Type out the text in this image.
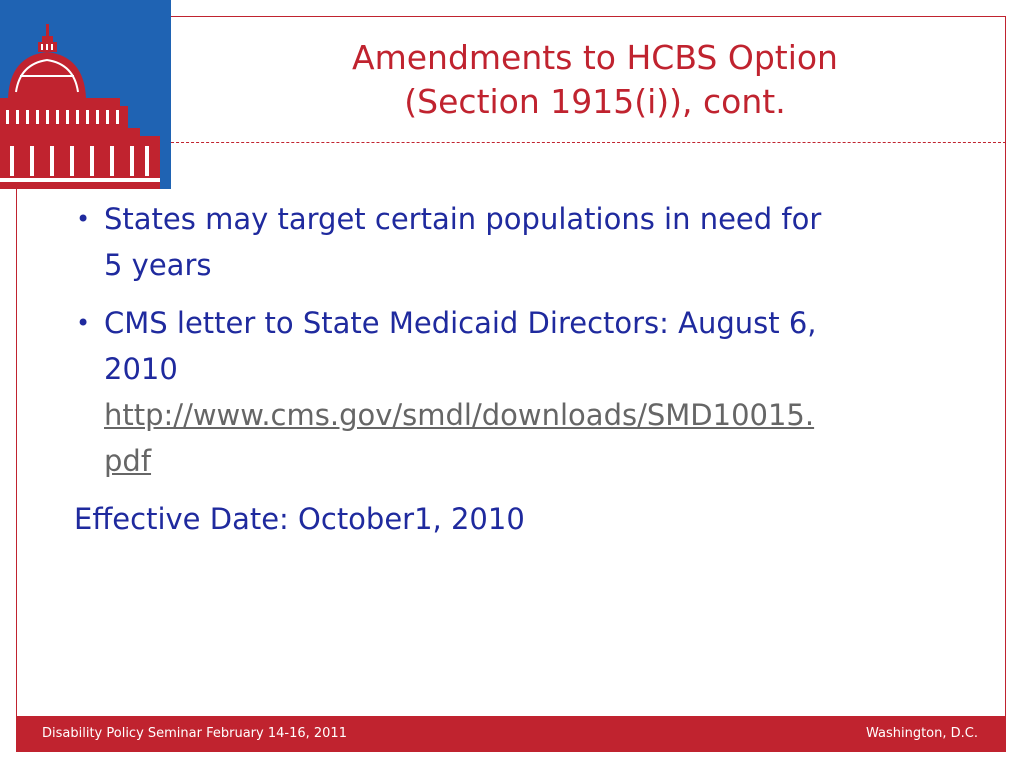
Amendments to HCBS Option
(Section 1915(i)), cont.
• States may target certain populations in need for
5 years
• CMS letter to State Medicaid Directors: August 6,
2010
http://www.cms.gov/smdl/downloads/SMD10015.
pdf
Effective Date: October1, 2010
Disability Policy Seminar February 14-16, 2011	Washington, D.C.
